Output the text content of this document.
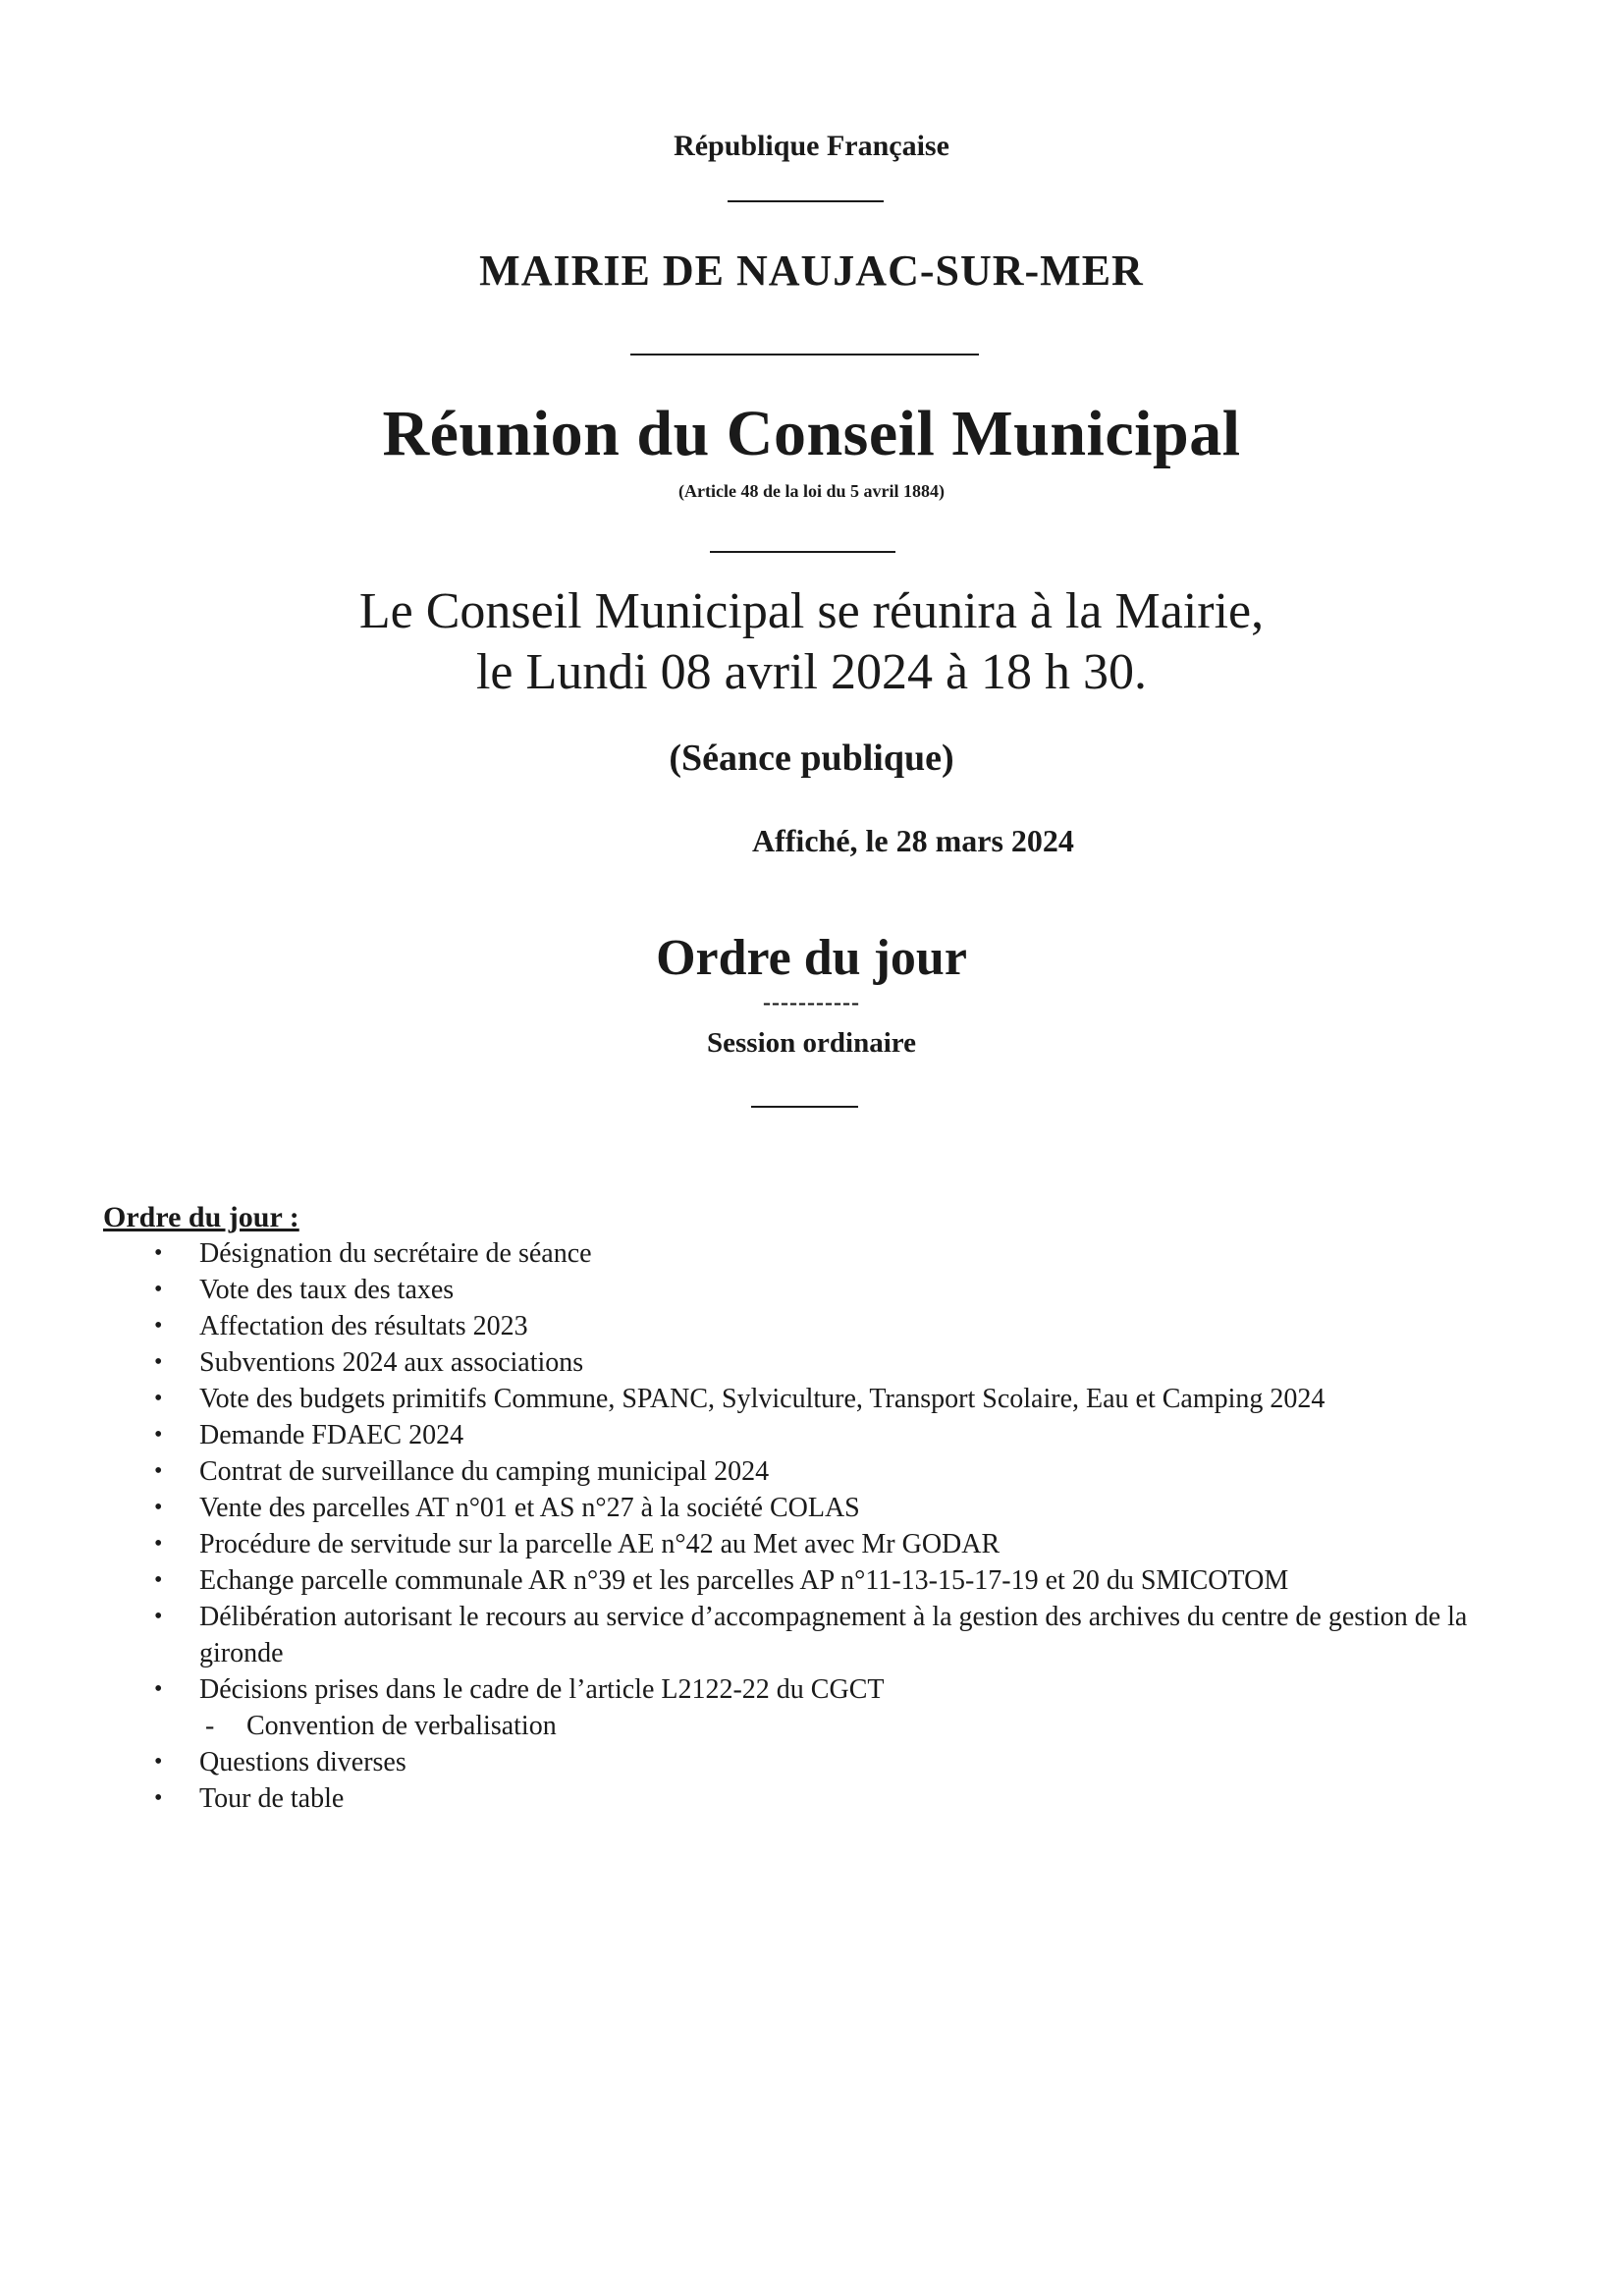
République Française
MAIRIE DE NAUJAC-SUR-MER
Réunion du Conseil Municipal
(Article 48 de la loi du 5 avril 1884)
Le Conseil Municipal se réunira à la Mairie,
le Lundi 08 avril 2024 à 18 h 30.
(Séance publique)
Affiché, le 28 mars 2024
Ordre du jour
-----------
Session ordinaire
Ordre du jour :
• Désignation du secrétaire de séance
• Vote des taux des taxes
• Affectation des résultats 2023
• Subventions 2024 aux associations
• Vote des budgets primitifs Commune, SPANC, Sylviculture, Transport Scolaire, Eau et Camping 2024
• Demande FDAEC 2024
• Contrat de surveillance du camping municipal 2024
• Vente des parcelles AT n°01 et AS n°27 à la société COLAS
• Procédure de servitude sur la parcelle AE n°42 au Met avec Mr GODAR
• Echange parcelle communale AR n°39 et les parcelles AP n°11-13-15-17-19 et 20 du SMICOTOM
• Délibération autorisant le recours au service d’accompagnement à la gestion des archives du centre de gestion de la gironde
• Décisions prises dans le cadre de l’article L2122-22 du CGCT
- Convention de verbalisation
• Questions diverses
• Tour de table
